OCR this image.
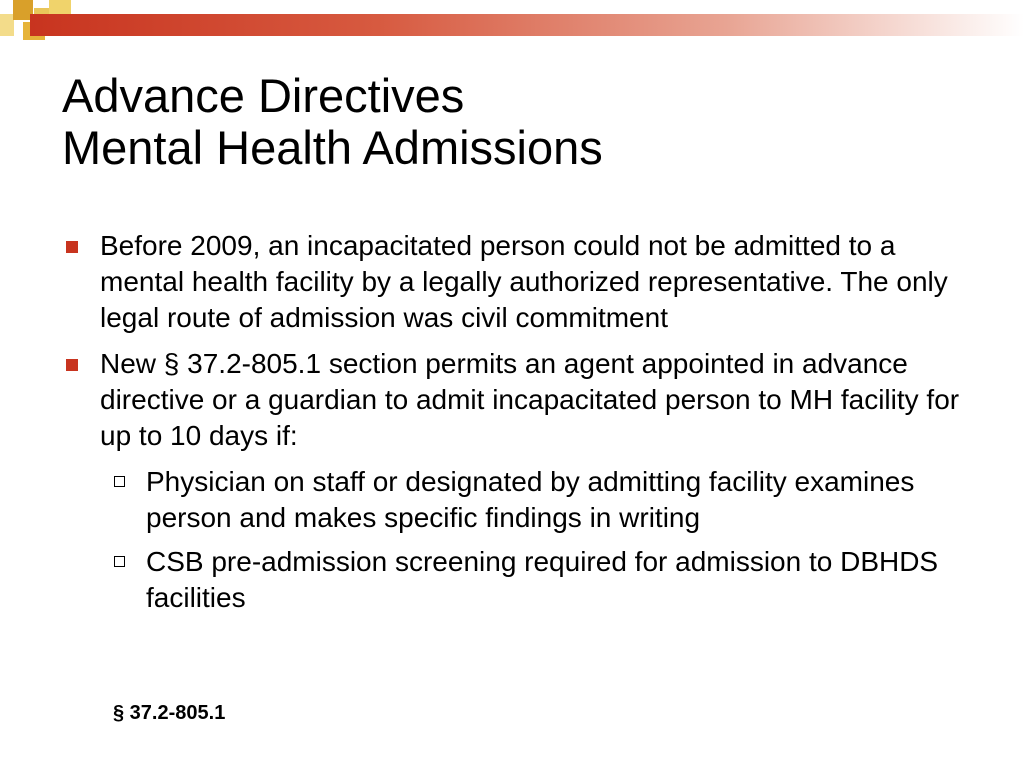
Advance Directives
Mental Health Admissions
Before 2009, an incapacitated person could not be admitted to a mental health facility by a legally authorized representative. The only legal route of admission was civil commitment
New § 37.2-805.1 section permits an agent appointed in advance directive or a guardian to admit incapacitated person to MH facility for up to 10 days if:
Physician on staff or designated by admitting facility examines person and makes specific findings in writing
CSB pre-admission screening required for admission to DBHDS facilities
§ 37.2-805.1
